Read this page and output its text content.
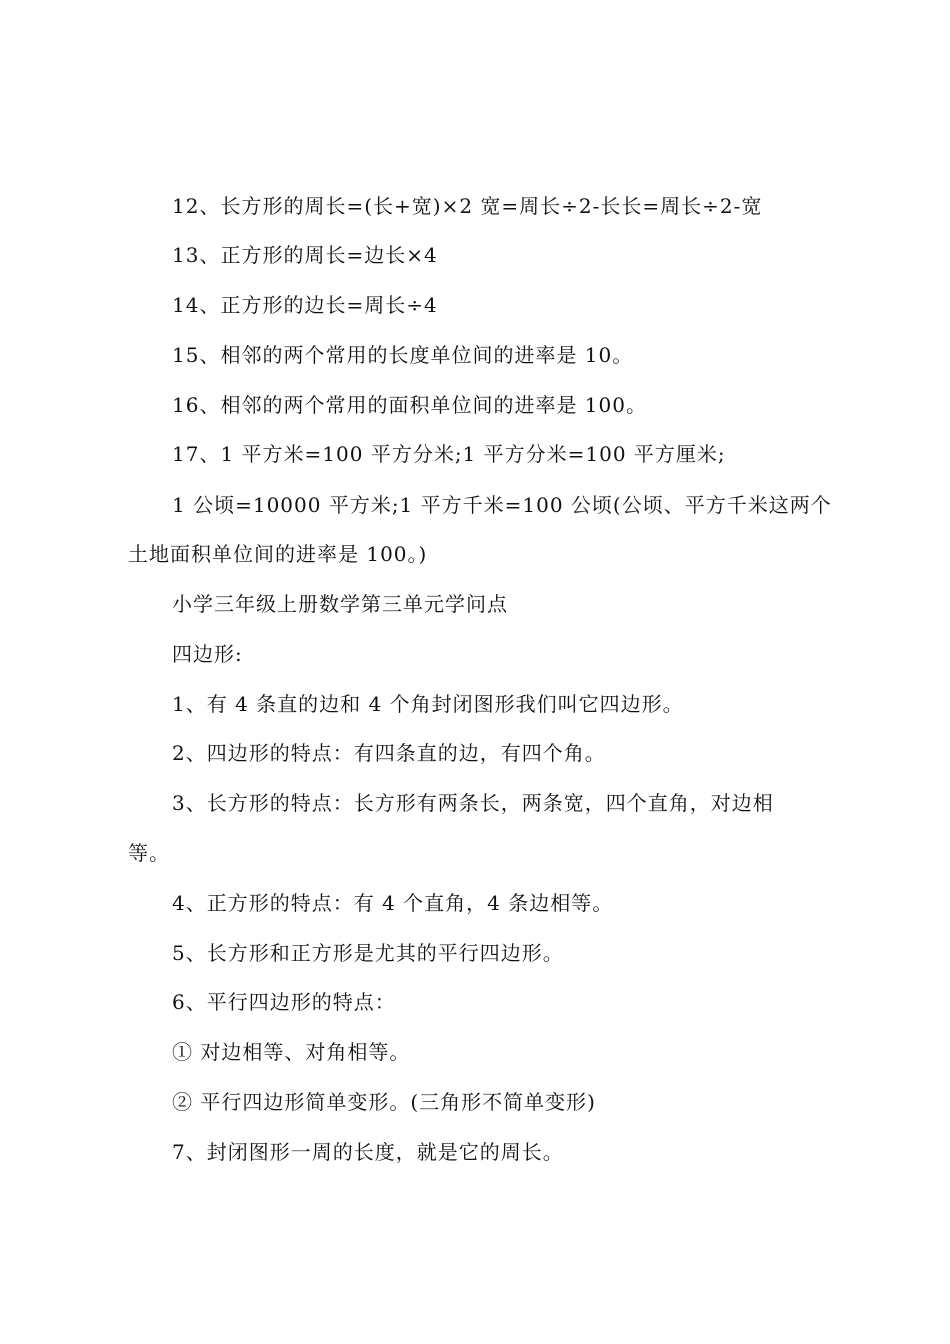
12、长方形的周长=(长+宽)×2 宽=周长÷2-长长=周长÷2-宽
13、正方形的周长=边长×4
14、正方形的边长=周长÷4
15、相邻的两个常用的长度单位间的进率是 10。
16、相邻的两个常用的面积单位间的进率是 100。
17、1 平方米=100 平方分米;1 平方分米=100 平方厘米;
1 公顷=10000 平方米;1 平方千米=100 公顷(公顷、平方千米这两个
土地面积单位间的进率是 100。)
小学三年级上册数学第三单元学问点
四边形:
1、有 4 条直的边和 4 个角封闭图形我们叫它四边形。
2、四边形的特点：有四条直的边，有四个角。
3、长方形的特点：长方形有两条长，两条宽，四个直角，对边相
等。
4、正方形的特点：有 4 个直角，4 条边相等。
5、长方形和正方形是尤其的平行四边形。
6、平行四边形的特点：
① 对边相等、对角相等。
② 平行四边形简单变形。(三角形不简单变形)
7、封闭图形一周的长度，就是它的周长。
